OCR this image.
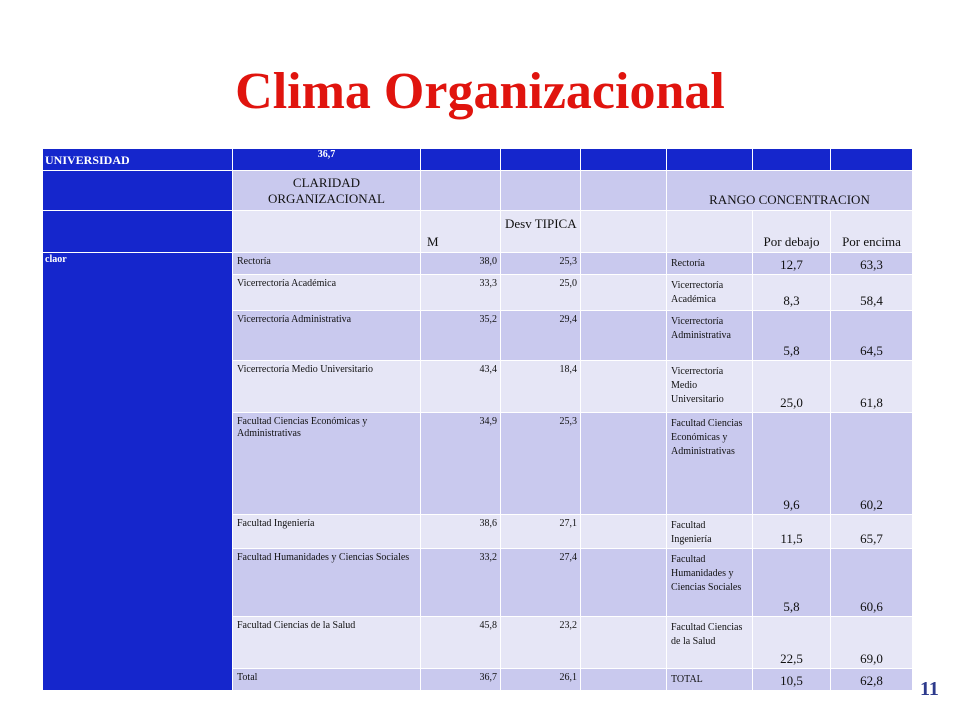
Clima Organizacional
UNIVERSIDAD	36,7						
	CLARIDAD ORGANIZACIONAL				RANGO CONCENTRACION		
		M	Desv TIPICA			Por debajo	Por encima
claor	Rectoría	38,0	25,3		Rectoría	12,7	63,3
	Vicerrectoría Académica	33,3	25,0		Vicerrectoría Académica	8,3	58,4
	Vicerrectoría Administrativa	35,2	29,4		Vicerrectoría Administrativa	5,8	64,5
	Vicerrectoría Medio Universitario	43,4	18,4		Vicerrectoría Medio Universitario	25,0	61,8
	Facultad Ciencias Económicas y Administrativas	34,9	25,3		Facultad Ciencias Económicas y Administrativas	9,6	60,2
	Facultad Ingeniería	38,6	27,1		Facultad Ingeniería	11,5	65,7
	Facultad Humanidades y Ciencias Sociales	33,2	27,4		Facultad Humanidades y Ciencias Sociales	5,8	60,6
	Facultad Ciencias de la Salud	45,8	23,2		Facultad Ciencias de la Salud	22,5	69,0
	Total	36,7	26,1		TOTAL	10,5	62,8 11
